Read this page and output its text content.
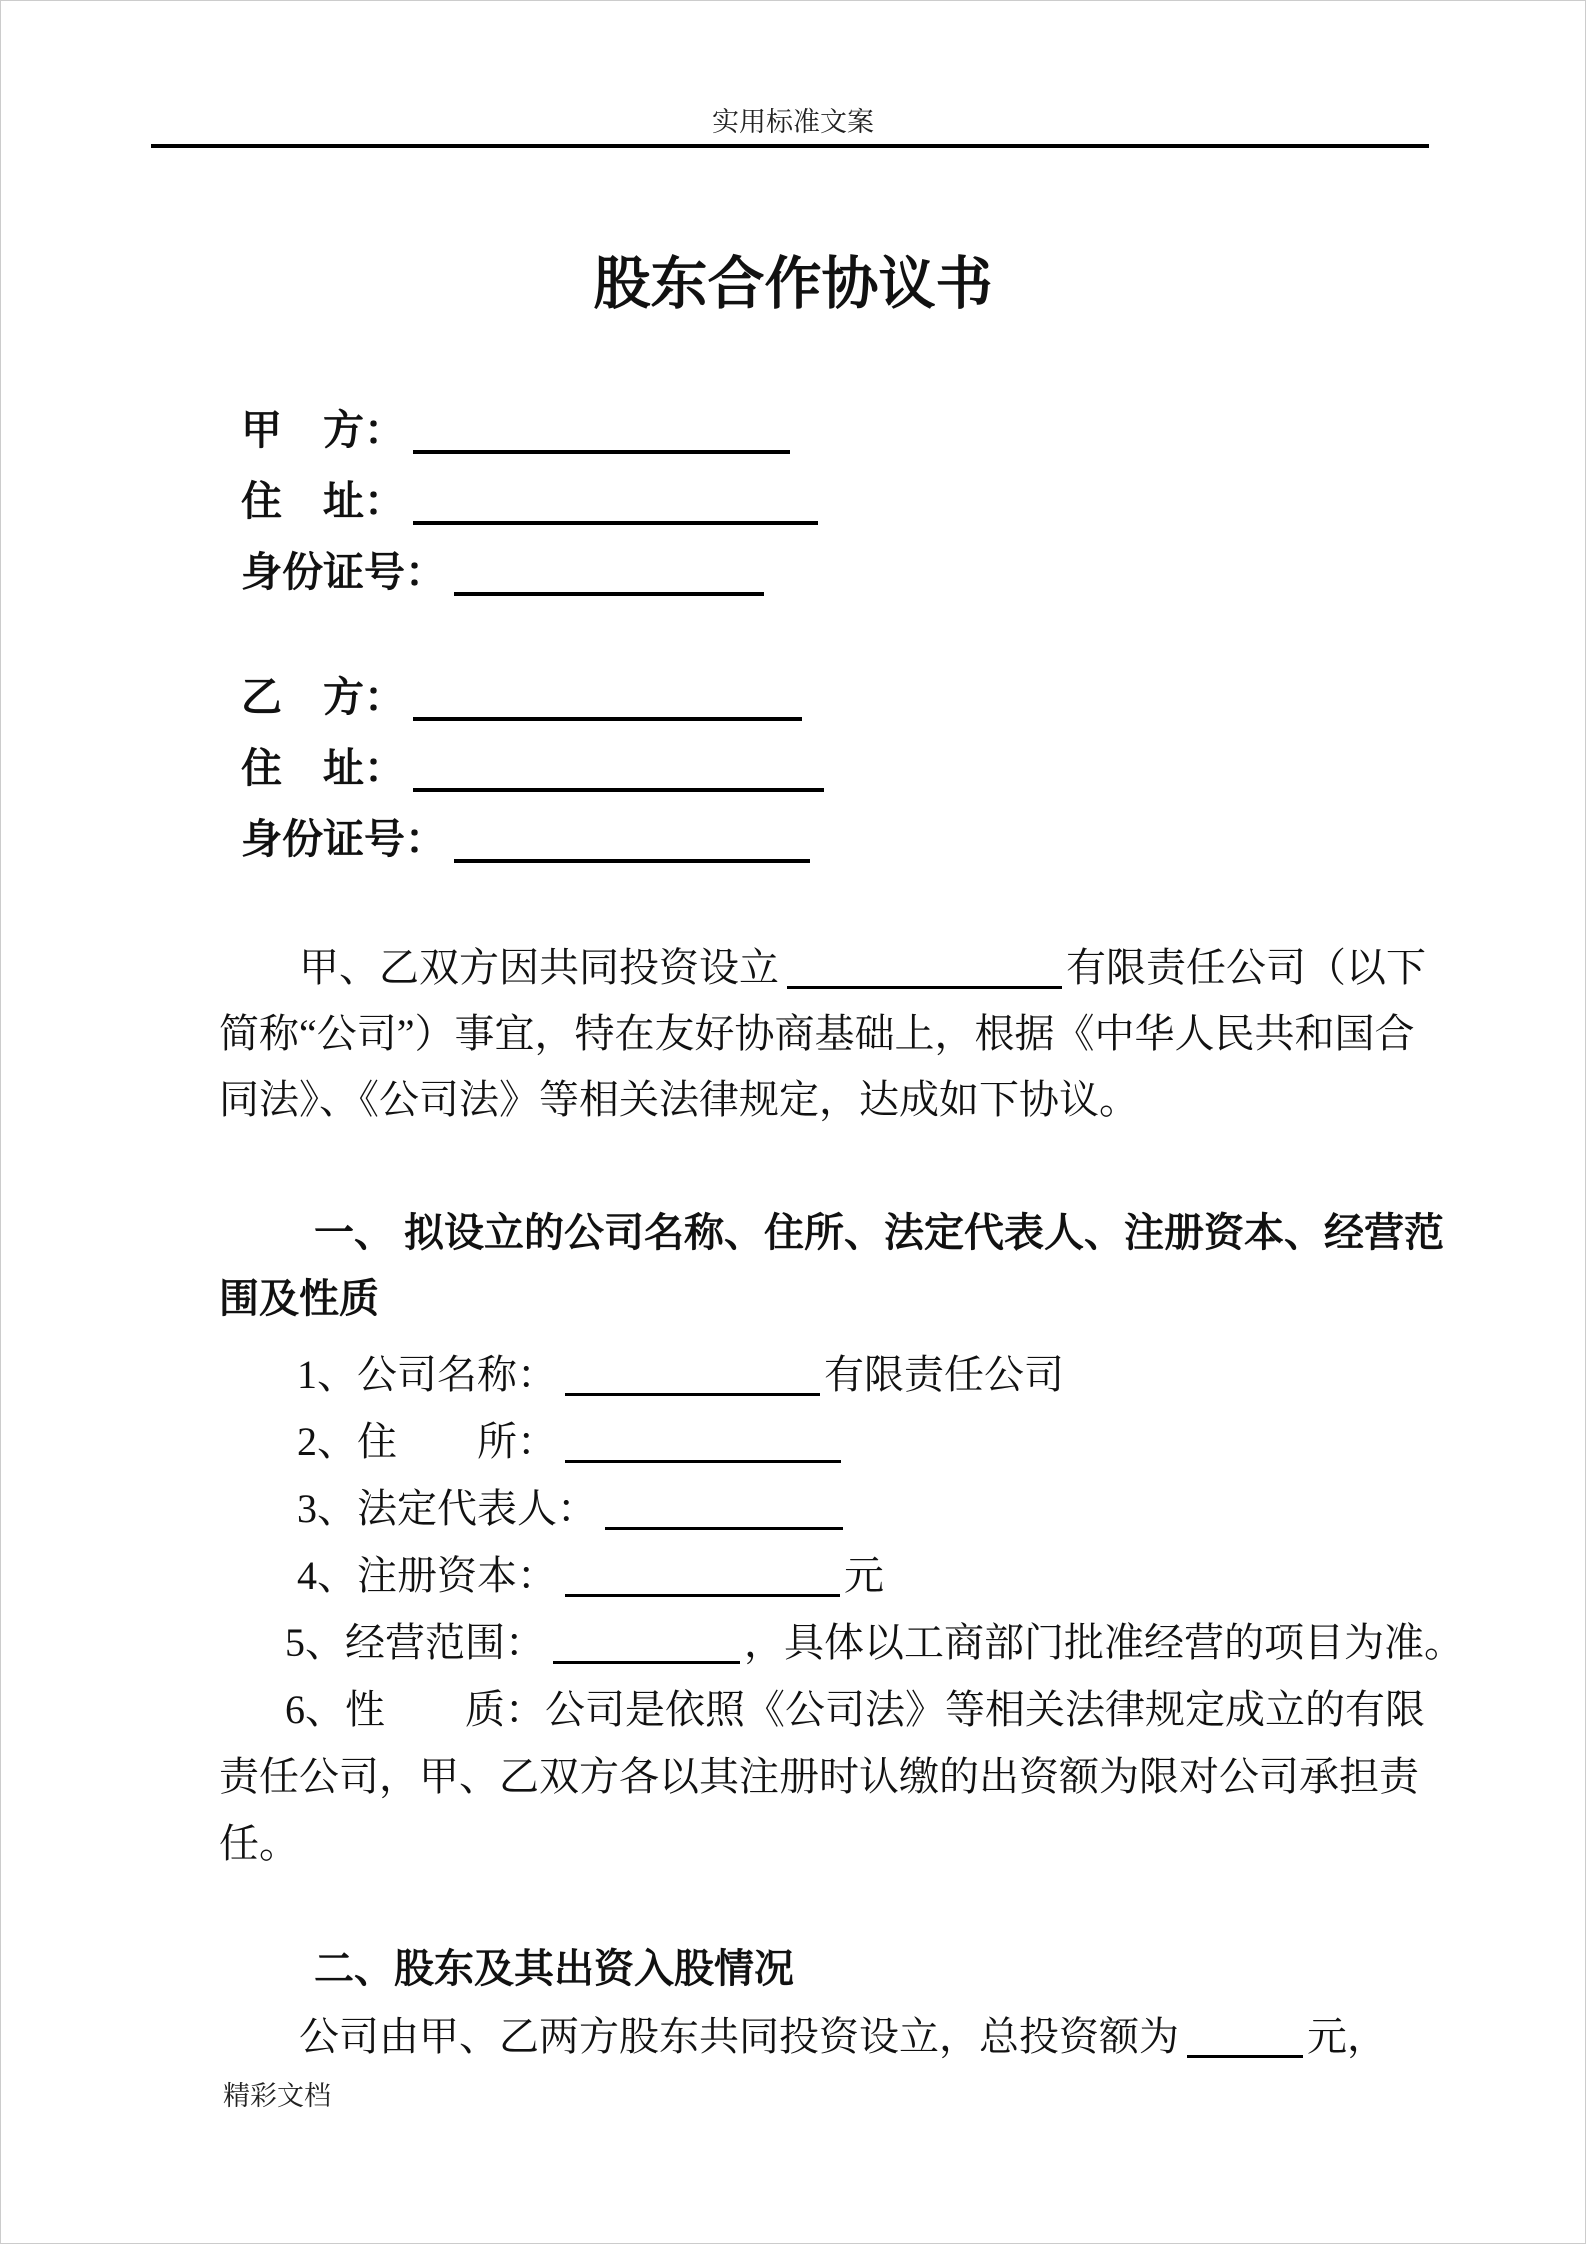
实用标准文案
股东合作协议书
甲　方：
住　址：
身份证号：
乙　方：
住　址：
身份证号：
甲、乙双方因共同投资设立	有限责任公司（以下
简称“公司”）事宜，特在友好协商基础上，根据《中华人民共和国合
同法》、《公司法》等相关法律规定，达成如下协议。
一、 拟设立的公司名称、住所、法定代表人、注册资本、经营范
围及性质
1、公司名称：	有限责任公司
2、住　　所：
3、法定代表人：
4、注册资本：	元
5、经营范围：	，具体以工商部门批准经营的项目为准。
6、性　　质：公司是依照《公司法》等相关法律规定成立的有限
责任公司，甲、乙双方各以其注册时认缴的出资额为限对公司承担责
任。
二、股东及其出资入股情况
公司由甲、乙两方股东共同投资设立，总投资额为	元，
精彩文档
